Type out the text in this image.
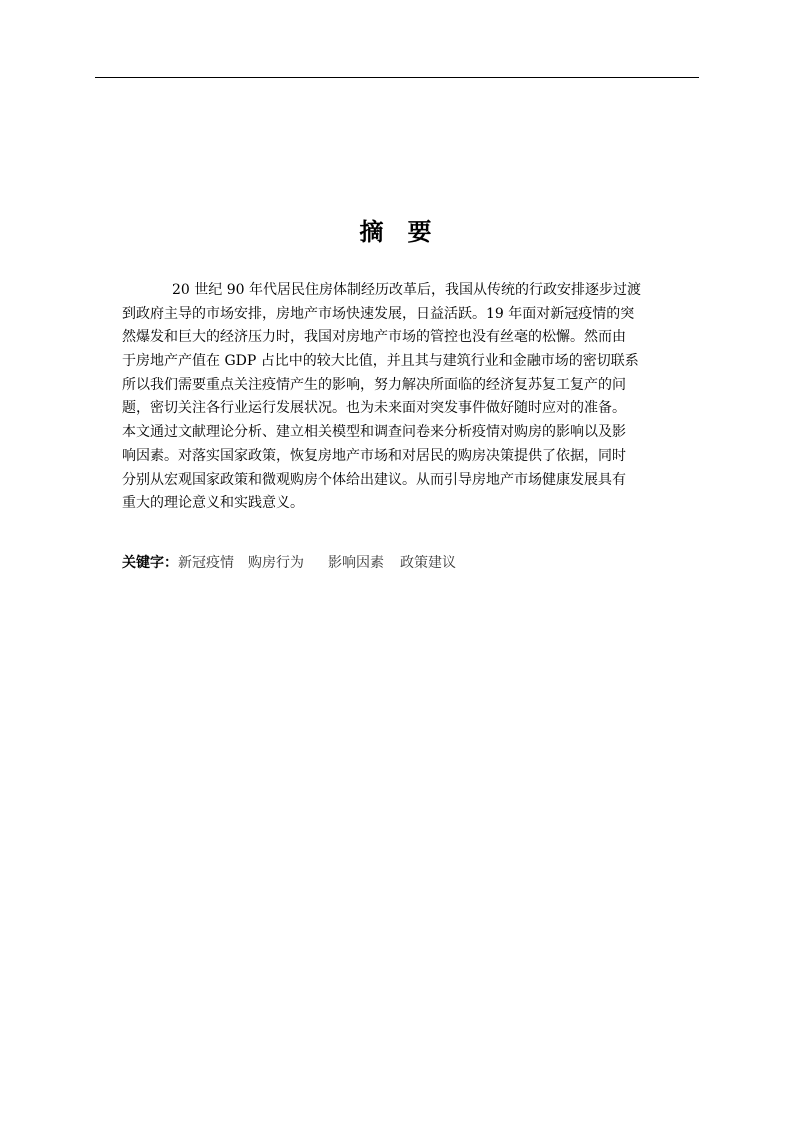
摘 要
20 世纪 90 年代居民住房体制经历改革后，我国从传统的行政安排逐步过渡
到政府主导的市场安排，房地产市场快速发展，日益活跃。19 年面对新冠疫情的突
然爆发和巨大的经济压力时，我国对房地产市场的管控也没有丝毫的松懈。然而由
于房地产产值在 GDP 占比中的较大比值，并且其与建筑行业和金融市场的密切联系
所以我们需要重点关注疫情产生的影响，努力解决所面临的经济复苏复工复产的问
题，密切关注各行业运行发展状况。也为未来面对突发事件做好随时应对的准备。
本文通过文献理论分析、建立相关模型和调查问卷来分析疫情对购房的影响以及影
响因素。对落实国家政策，恢复房地产市场和对居民的购房决策提供了依据，同时
分别从宏观国家政策和微观购房个体给出建议。从而引导房地产市场健康发展具有
重大的理论意义和实践意义。
关键字：新冠疫情 购房行为 影响因素 政策建议
